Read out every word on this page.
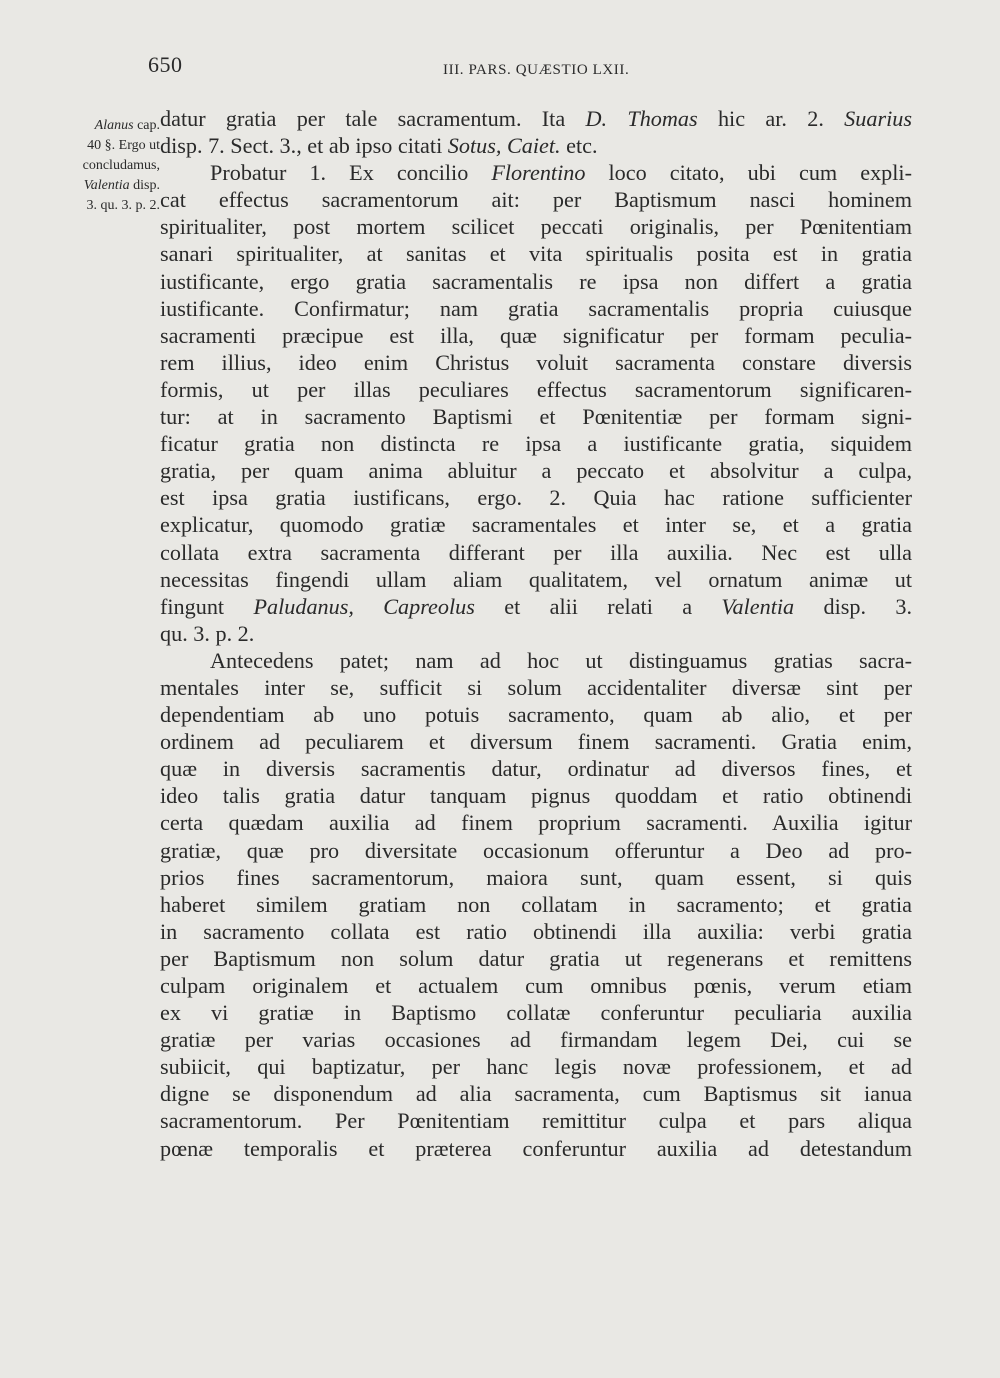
650	III. PARS. QUÆSTIO LXII.
Alanus cap.
40 §. Ergo ut
concludamus,
Valentia disp.
3. qu. 3. p. 2.
datur gratia per tale sacramentum. Ita D. Thomas hic ar. 2. Suarius
disp. 7. Sect. 3., et ab ipso citati Sotus, Caiet. etc.
Probatur 1. Ex concilio Florentino loco citato, ubi cum expli-
cat effectus sacramentorum ait: per Baptismum nasci hominem
spiritualiter, post mortem scilicet peccati originalis, per Pœnitentiam
sanari spiritualiter, at sanitas et vita spiritualis posita est in gratia
iustificante, ergo gratia sacramentalis re ipsa non differt a gratia
iustificante. Confirmatur; nam gratia sacramentalis propria cuiusque
sacramenti præcipue est illa, quæ significatur per formam peculia-
rem illius, ideo enim Christus voluit sacramenta constare diversis
formis, ut per illas peculiares effectus sacramentorum significaren-
tur: at in sacramento Baptismi et Pœnitentiæ per formam signi-
ficatur gratia non distincta re ipsa a iustificante gratia, siquidem
gratia, per quam anima abluitur a peccato et absolvitur a culpa,
est ipsa gratia iustificans, ergo. 2. Quia hac ratione sufficienter
explicatur, quomodo gratiæ sacramentales et inter se, et a gratia
collata extra sacramenta differant per illa auxilia. Nec est ulla
necessitas fingendi ullam aliam qualitatem, vel ornatum animæ ut
fingunt Paludanus, Capreolus et alii relati a Valentia disp. 3.
qu. 3. p. 2.
Antecedens patet; nam ad hoc ut distinguamus gratias sacra-
mentales inter se, sufficit si solum accidentaliter diversæ sint per
dependentiam ab uno potuis sacramento, quam ab alio, et per
ordinem ad peculiarem et diversum finem sacramenti. Gratia enim,
quæ in diversis sacramentis datur, ordinatur ad diversos fines, et
ideo talis gratia datur tanquam pignus quoddam et ratio obtinendi
certa quædam auxilia ad finem proprium sacramenti. Auxilia igitur
gratiæ, quæ pro diversitate occasionum offeruntur a Deo ad pro-
prios fines sacramentorum, maiora sunt, quam essent, si quis
haberet similem gratiam non collatam in sacramento; et gratia
in sacramento collata est ratio obtinendi illa auxilia: verbi gratia
per Baptismum non solum datur gratia ut regenerans et remittens
culpam originalem et actualem cum omnibus pœnis, verum etiam
ex vi gratiæ in Baptismo collatæ conferuntur peculiaria auxilia
gratiæ per varias occasiones ad firmandam legem Dei, cui se
subiicit, qui baptizatur, per hanc legis novæ professionem, et ad
digne se disponendum ad alia sacramenta, cum Baptismus sit ianua
sacramentorum. Per Pœnitentiam remittitur culpa et pars aliqua
pœnæ temporalis et præterea conferuntur auxilia ad detestandum
